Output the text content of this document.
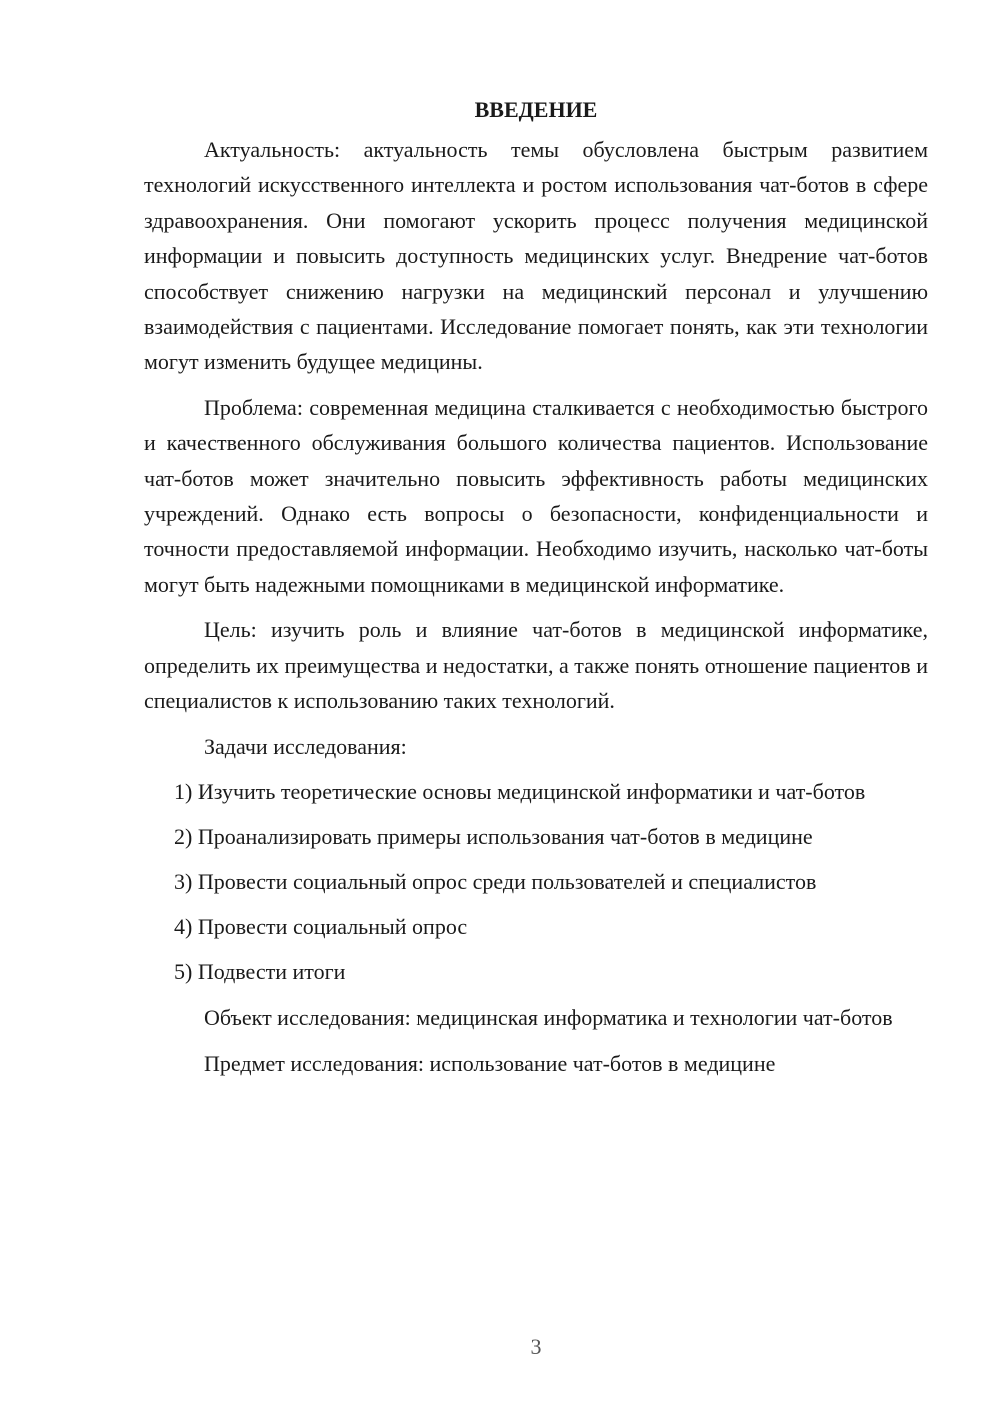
ВВЕДЕНИЕ

Актуальность: актуальность темы обусловлена быстрым развитием технологий искусственного интеллекта и ростом использования чат-ботов в сфере здравоохранения. Они помогают ускорить процесс получения медицинской информации и повысить доступность медицинских услуг. Внедрение чат-ботов способствует снижению нагрузки на медицинский персонал и улучшению взаимодействия с пациентами. Исследование помогает понять, как эти технологии могут изменить будущее медицины.

Проблема: современная медицина сталкивается с необходимостью быстрого и качественного обслуживания большого количества пациентов. Использование чат-ботов может значительно повысить эффективность работы медицинских учреждений. Однако есть вопросы о безопасности, конфиденциальности и точности предоставляемой информации. Необходимо изучить, насколько чат-боты могут быть надежными помощниками в медицинской информатике.

Цель: изучить роль и влияние чат-ботов в медицинской информатике, определить их преимущества и недостатки, а также понять отношение пациентов и специалистов к использованию таких технологий.

Задачи исследования:

1) Изучить теоретические основы медицинской информатики и чат-ботов

2) Проанализировать примеры использования чат-ботов в медицине

3) Провести социальный опрос среди пользователей и специалистов

4) Провести социальный опрос

5) Подвести итоги

Объект исследования: медицинская информатика и технологии чат-ботов

Предмет исследования: использование чат-ботов в медицине

3
